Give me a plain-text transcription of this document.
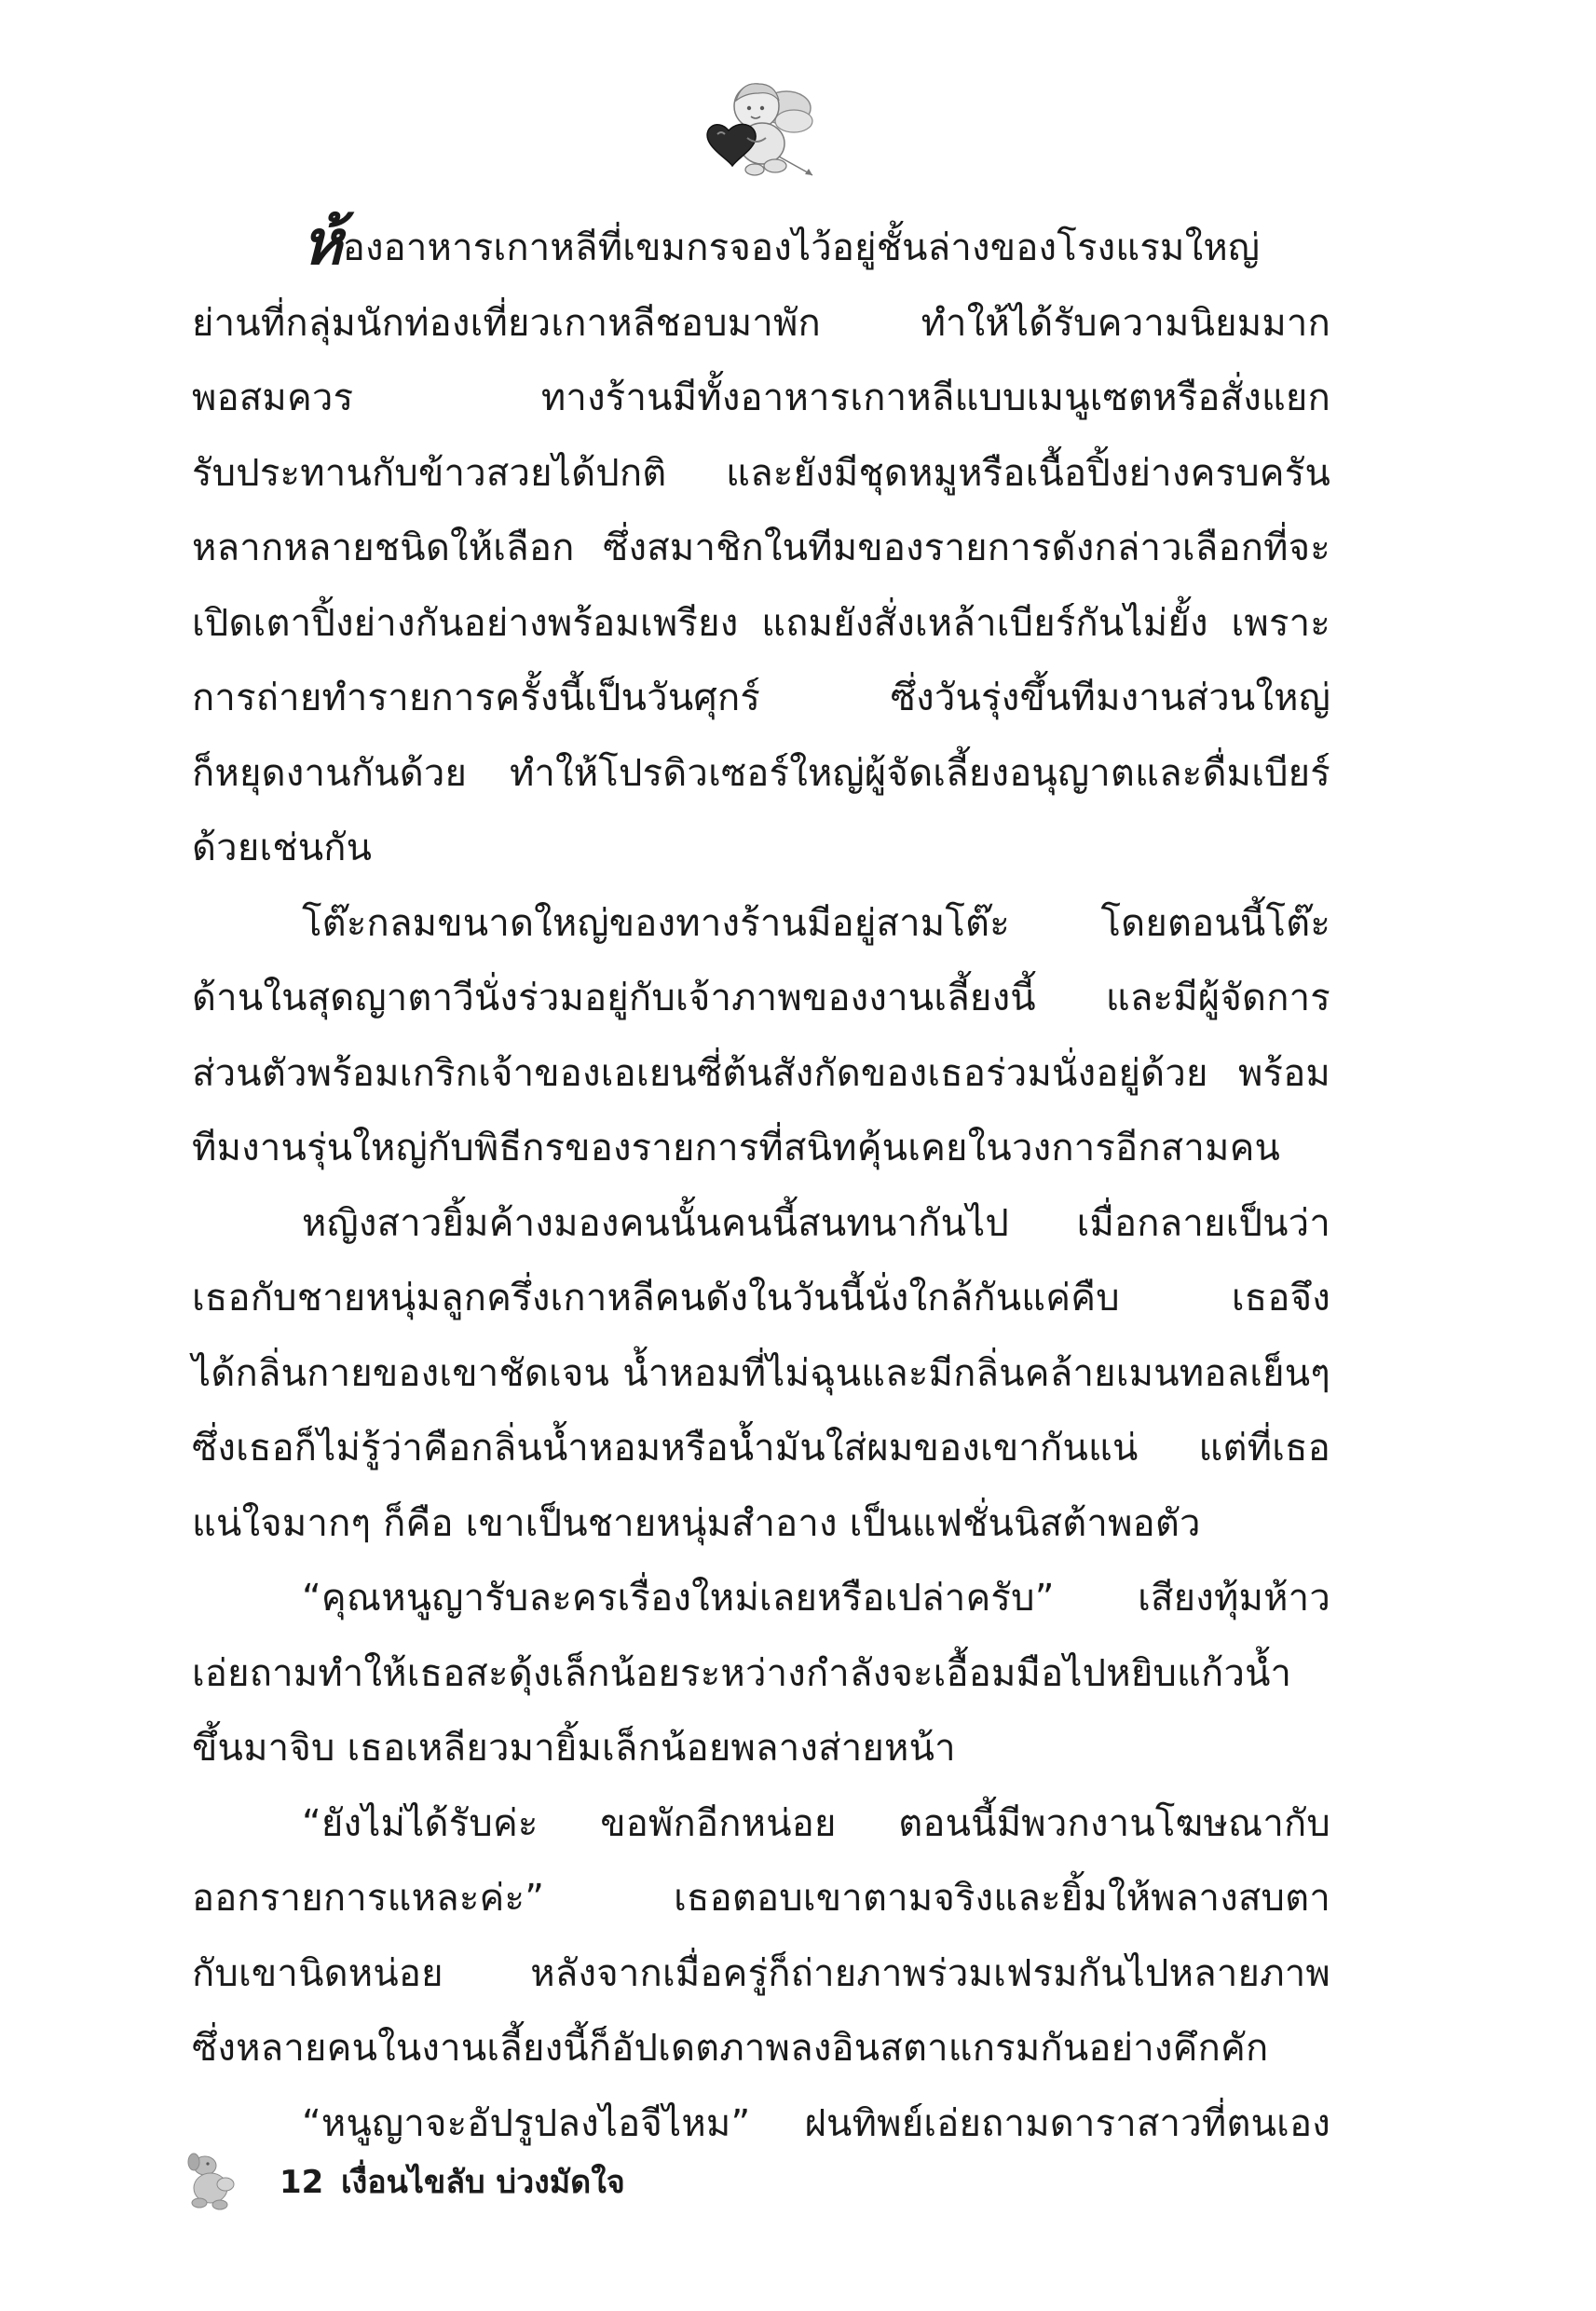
ห้องอาหารเกาหลีที่เขมกรจองไว้อยู่ชั้นล่างของโรงแรมใหญ่
ย่านที่กลุ่มนักท่องเที่ยวเกาหลีชอบมาพัก ทำให้ได้รับความนิยมมาก
พอสมควร ทางร้านมีทั้งอาหารเกาหลีแบบเมนูเซตหรือสั่งแยก
รับประทานกับข้าวสวยได้ปกติ และยังมีชุดหมูหรือเนื้อปิ้งย่างครบครัน
หลากหลายชนิดให้เลือก ซึ่งสมาชิกในทีมของรายการดังกล่าวเลือกที่จะ
เปิดเตาปิ้งย่างกันอย่างพร้อมเพรียง แถมยังสั่งเหล้าเบียร์กันไม่ยั้ง เพราะ
การถ่ายทำรายการครั้งนี้เป็นวันศุกร์ ซึ่งวันรุ่งขึ้นทีมงานส่วนใหญ่
ก็หยุดงานกันด้วย ทำให้โปรดิวเซอร์ใหญ่ผู้จัดเลี้ยงอนุญาตและดื่มเบียร์
ด้วยเช่นกัน
โต๊ะกลมขนาดใหญ่ของทางร้านมีอยู่สามโต๊ะ โดยตอนนี้โต๊ะ
ด้านในสุดญาตาวีนั่งร่วมอยู่กับเจ้าภาพของงานเลี้ยงนี้ และมีผู้จัดการ
ส่วนตัวพร้อมเกริกเจ้าของเอเยนซี่ต้นสังกัดของเธอร่วมนั่งอยู่ด้วย พร้อม
ทีมงานรุ่นใหญ่กับพิธีกรของรายการที่สนิทคุ้นเคยในวงการอีกสามคน
หญิงสาวยิ้มค้างมองคนนั้นคนนี้สนทนากันไป เมื่อกลายเป็นว่า
เธอกับชายหนุ่มลูกครึ่งเกาหลีคนดังในวันนี้นั่งใกล้กันแค่คืบ เธอจึง
ได้กลิ่นกายของเขาชัดเจน น้ำหอมที่ไม่ฉุนและมีกลิ่นคล้ายเมนทอลเย็นๆ
ซึ่งเธอก็ไม่รู้ว่าคือกลิ่นน้ำหอมหรือน้ำมันใส่ผมของเขากันแน่ แต่ที่เธอ
แน่ใจมากๆ ก็คือ เขาเป็นชายหนุ่มสำอาง เป็นแฟชั่นนิสต้าพอตัว
“คุณหนูญารับละครเรื่องใหม่เลยหรือเปล่าครับ” เสียงทุ้มห้าว
เอ่ยถามทำให้เธอสะดุ้งเล็กน้อยระหว่างกำลังจะเอื้อมมือไปหยิบแก้วน้ำ
ขึ้นมาจิบ เธอเหลียวมายิ้มเล็กน้อยพลางส่ายหน้า
“ยังไม่ได้รับค่ะ ขอพักอีกหน่อย ตอนนี้มีพวกงานโฆษณากับ
ออกรายการแหละค่ะ” เธอตอบเขาตามจริงและยิ้มให้พลางสบตา
กับเขานิดหน่อย หลังจากเมื่อครู่ก็ถ่ายภาพร่วมเฟรมกันไปหลายภาพ
ซึ่งหลายคนในงานเลี้ยงนี้ก็อัปเดตภาพลงอินสตาแกรมกันอย่างคึกคัก
“หนูญาจะอัปรูปลงไอจีไหม” ฝนทิพย์เอ่ยถามดาราสาวที่ตนเอง
12 เงื่อนไขลับ บ่วงมัดใจ
